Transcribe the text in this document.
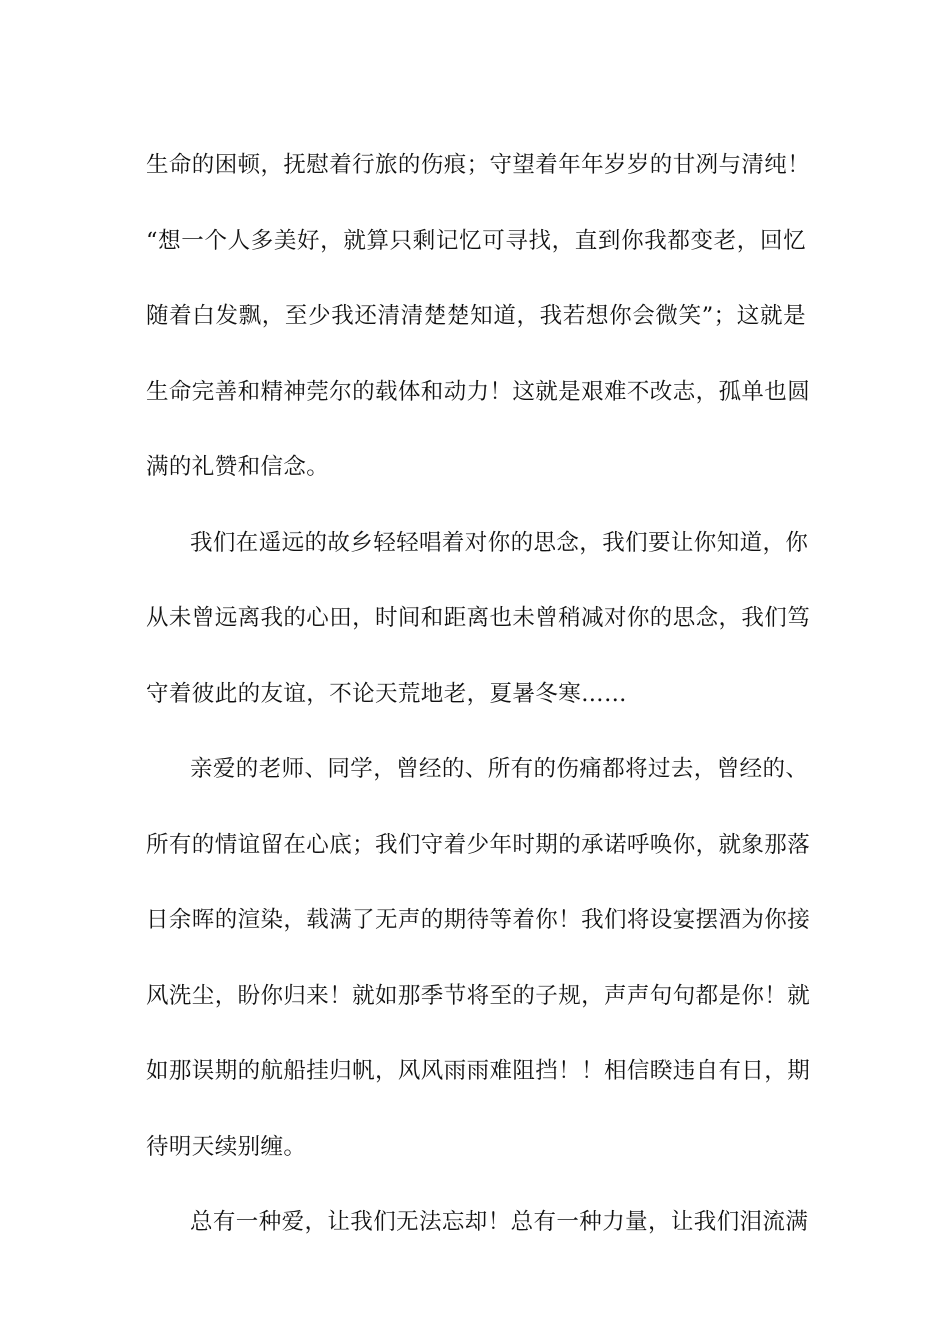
生命的困顿，抚慰着行旅的伤痕；守望着年年岁岁的甘冽与清纯！
“想一个人多美好，就算只剩记忆可寻找，直到你我都变老，回忆
随着白发飘，至少我还清清楚楚知道，我若想你会微笑”；这就是
生命完善和精神莞尔的载体和动力！这就是艰难不改志，孤单也圆
满的礼赞和信念。
我们在遥远的故乡轻轻唱着对你的思念，我们要让你知道，你
从未曾远离我的心田，时间和距离也未曾稍减对你的思念，我们笃
守着彼此的友谊，不论天荒地老，夏暑冬寒……
亲爱的老师、同学，曾经的、所有的伤痛都将过去，曾经的、
所有的情谊留在心底；我们守着少年时期的承诺呼唤你，就象那落
日余晖的渲染，载满了无声的期待等着你！我们将设宴摆酒为你接
风洗尘，盼你归来！就如那季节将至的子规，声声句句都是你！就
如那误期的航船挂归帆，风风雨雨难阻挡！！相信睽违自有日，期
待明天续别缠。
总有一种爱，让我们无法忘却！总有一种力量，让我们泪流满
